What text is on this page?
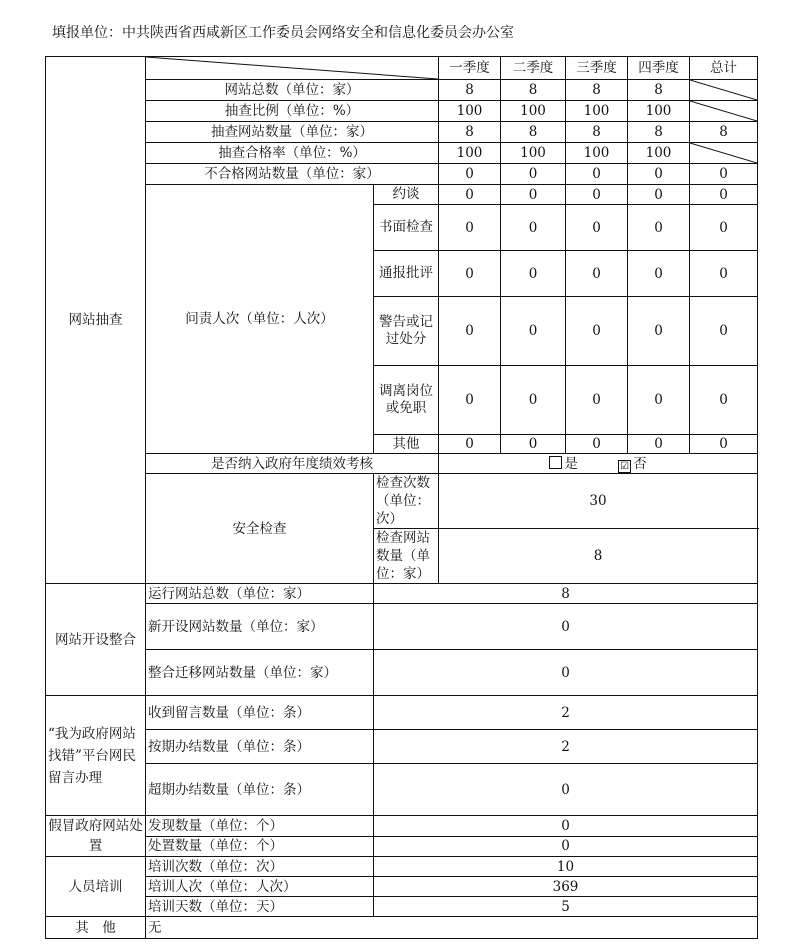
填报单位：中共陕西省西咸新区工作委员会网络安全和信息化委员会办公室
网站抽查			一季度	二季度	三季度	四季度	总计
	网站总数（单位：家）		8	8	8	8	

	抽查比例（单位：%）		100	100	100	100	

	抽查网站数量（单位：家）		8	8	8	8	8
	抽查合格率（单位：%）		100	100	100	100	

	不合格网站数量（单位：家）		0	0	0	0	0
	问责人次（单位：人次）	约谈	0	0	0	0	0
		书面检查	0	0	0	0	0
		通报批评	0	0	0	0	0
		警告或记过处分	0	0	0	0	0
		调离岗位或免职	0	0	0	0	0
		其他	0	0	0	0	0
	是否纳入政府年度绩效考核		是 ☑ 否				
	安全检查	检查次数（单位：次）	30				
		检查网站数量（单位：家）	8				
网站开设整合	运行网站总数（单位：家）	8					
	新开设网站数量（单位：家）	0					
	整合迁移网站数量（单位：家）	0					
“我为政府网站找错”平台网民留言办理	收到留言数量（单位：条）	2					
	按期办结数量（单位：条）	2					
	超期办结数量（单位：条）	0					
假冒政府网站处置	发现数量（单位：个）	0					
	处置数量（单位：个）	0					
人员培训	培训次数（单位：次）	10					
	培训人次（单位：人次）	369					
	培训天数（单位：天）	5					
其　他	无						
